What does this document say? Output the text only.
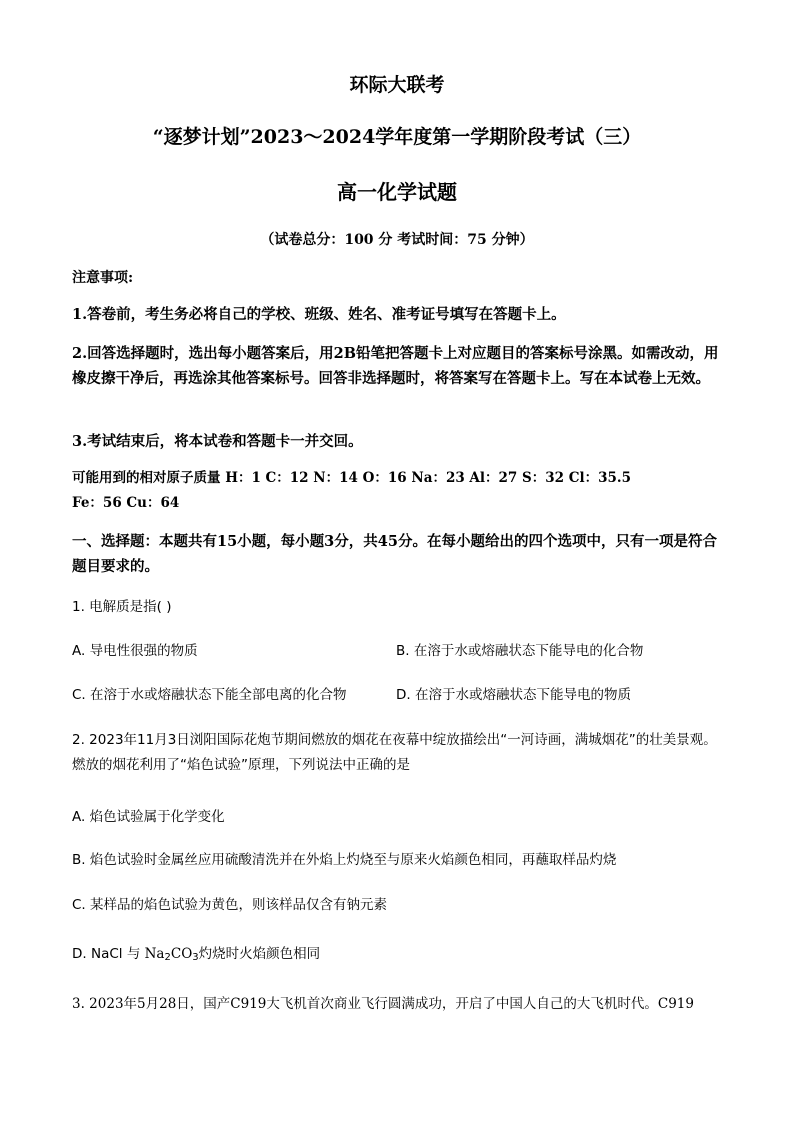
环际大联考
“逐梦计划”2023～2024学年度第一学期阶段考试（三）
高一化学试题
（试卷总分：100 分 考试时间：75 分钟）
注意事项:
1.答卷前，考生务必将自己的学校、班级、姓名、准考证号填写在答题卡上。
2.回答选择题时，选出每小题答案后，用2B铅笔把答题卡上对应题目的答案标号涂黑。如需改动，用橡皮擦干净后，再选涂其他答案标号。回答非选择题时，将答案写在答题卡上。写在本试卷上无效。
3.考试结束后，将本试卷和答题卡一并交回。
可能用到的相对原子质量 H：1 C：12 N：14 O：16 Na：23 Al：27 S：32 Cl：35.5
Fe：56 Cu：64
一、选择题：本题共有15小题，每小题3分，共45分。在每小题给出的四个选项中，只有一项是符合题目要求的。
1. 电解质是指( )
A. 导电性很强的物质	B. 在溶于水或熔融状态下能导电的化合物
C. 在溶于水或熔融状态下能全部电离的化合物	D. 在溶于水或熔融状态下能导电的物质
2. 2023年11月3日浏阳国际花炮节期间燃放的烟花在夜幕中绽放描绘出“一河诗画，满城烟花”的壮美景观。燃放的烟花利用了“焰色试验”原理，下列说法中正确的是
A. 焰色试验属于化学变化
B. 焰色试验时金属丝应用硫酸清洗并在外焰上灼烧至与原来火焰颜色相同，再蘸取样品灼烧
C. 某样品的焰色试验为黄色，则该样品仅含有钠元素
D. NaCl 与 $Na_2CO_3$灼烧时火焰颜色相同
3. 2023年5月28日，国产C919大飞机首次商业飞行圆满成功，开启了中国人自己的大飞机时代。C919
